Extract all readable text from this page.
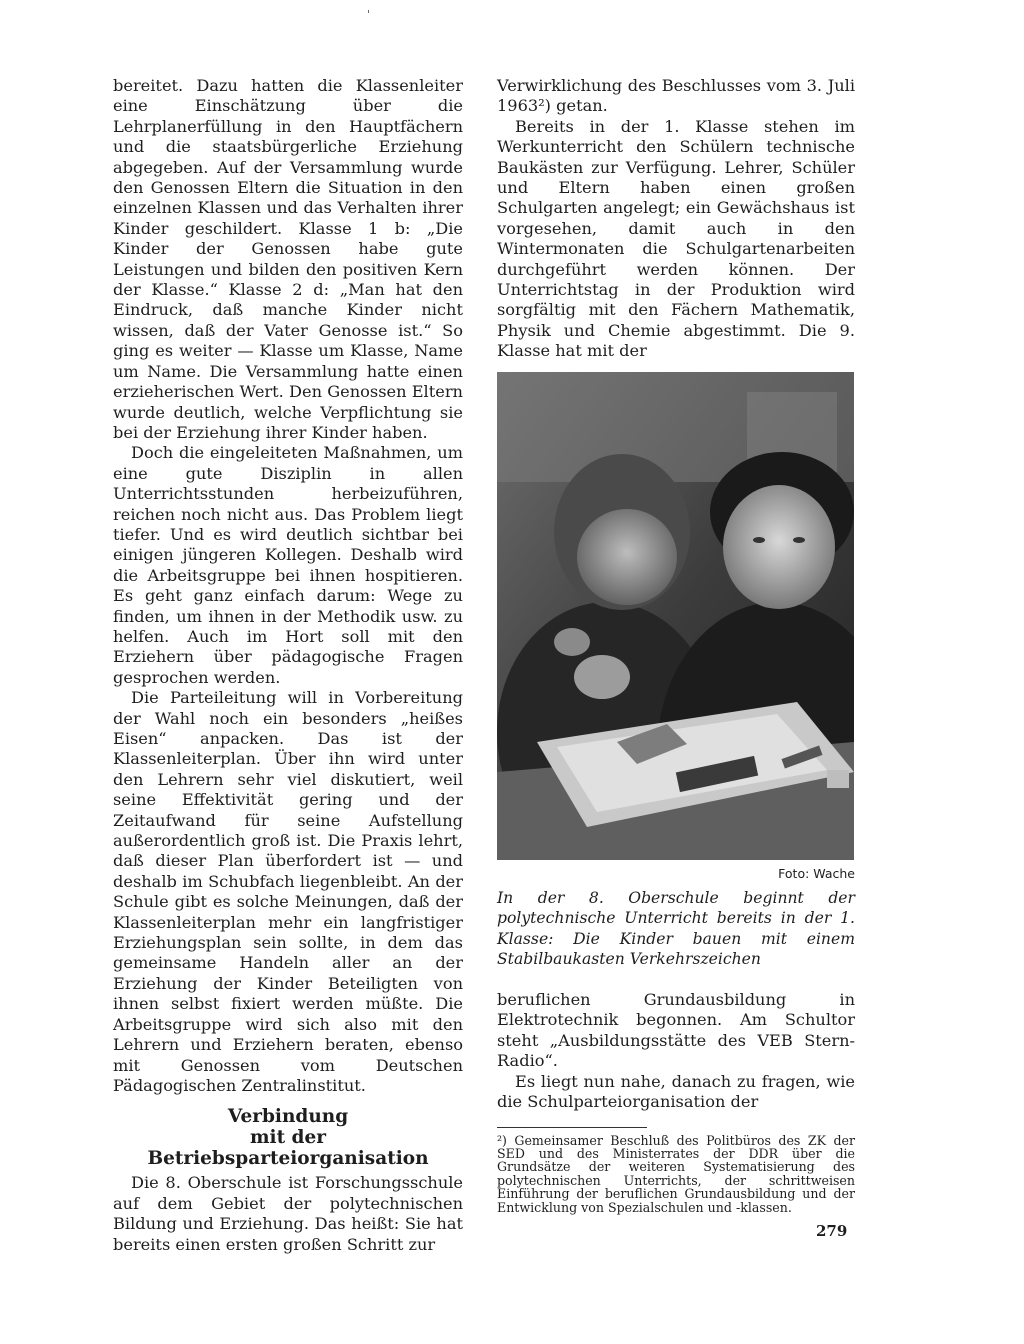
'

bereitet. Dazu hatten die Klassenleiter eine Einschätzung über die Lehrplanerfüllung in den Hauptfächern und die staatsbürgerliche Erziehung abgegeben. Auf der Versammlung wurde den Genossen Eltern die Situation in den einzelnen Klassen und das Verhalten ihrer Kinder geschildert. Klasse 1 b: „Die Kinder der Genossen habe gute Leistungen und bilden den positiven Kern der Klasse.“ Klasse 2 d: „Man hat den Eindruck, daß manche Kinder nicht wissen, daß der Vater Genosse ist.“ So ging es weiter — Klasse um Klasse, Name um Name. Die Versammlung hatte einen erzieherischen Wert. Den Genossen Eltern wurde deutlich, welche Verpflichtung sie bei der Erziehung ihrer Kinder haben.

Doch die eingeleiteten Maßnahmen, um eine gute Disziplin in allen Unterrichtsstunden herbeizuführen, reichen noch nicht aus. Das Problem liegt tiefer. Und es wird deutlich sichtbar bei einigen jüngeren Kollegen. Deshalb wird die Arbeitsgruppe bei ihnen hospitieren. Es geht ganz einfach darum: Wege zu finden, um ihnen in der Methodik usw. zu helfen. Auch im Hort soll mit den Erziehern über pädagogische Fragen gesprochen werden.

Die Parteileitung will in Vorbereitung der Wahl noch ein besonders „heißes Eisen“ anpacken. Das ist der Klassenleiterplan. Über ihn wird unter den Lehrern sehr viel diskutiert, weil seine Effektivität gering und der Zeitaufwand für seine Aufstellung außerordentlich groß ist. Die Praxis lehrt, daß dieser Plan überfordert ist — und deshalb im Schubfach liegenbleibt. An der Schule gibt es solche Meinungen, daß der Klassenleiterplan mehr ein langfristiger Erziehungsplan sein sollte, in dem das gemeinsame Handeln aller an der Erziehung der Kinder Beteiligten von ihnen selbst fixiert werden müßte. Die Arbeitsgruppe wird sich also mit den Lehrern und Erziehern beraten, ebenso mit Genossen vom Deutschen Pädagogischen Zentralinstitut.

Verbindung
mit der Betriebsparteiorganisation

Die 8. Oberschule ist Forschungsschule auf dem Gebiet der polytechnischen Bildung und Erziehung. Das heißt: Sie hat bereits einen ersten großen Schritt zur

Verwirklichung des Beschlusses vom 3. Juli 1963²) getan.

Bereits in der 1. Klasse stehen im Werkunterricht den Schülern technische Baukästen zur Verfügung. Lehrer, Schüler und Eltern haben einen großen Schulgarten angelegt; ein Gewächshaus ist vorgesehen, damit auch in den Wintermonaten die Schulgartenarbeiten durchgeführt werden können. Der Unterrichtstag in der Produktion wird sorgfältig mit den Fächern Mathematik, Physik und Chemie abgestimmt. Die 9. Klasse hat mit der

Foto: Wache

In der 8. Oberschule beginnt der polytechnische Unterricht bereits in der 1. Klasse: Die Kinder bauen mit einem Stabilbaukasten Verkehrszeichen

beruflichen Grundausbildung in Elektrotechnik begonnen. Am Schultor steht „Ausbildungsstätte des VEB Stern-Radio“.

Es liegt nun nahe, danach zu fragen, wie die Schulparteiorganisation der

²) Gemeinsamer Beschluß des Politbüros des ZK der SED und des Ministerrates der DDR über die Grundsätze der weiteren Systematisierung des polytechnischen Unterrichts, der schrittweisen Einführung der beruflichen Grundausbildung und der Entwicklung von Spezialschulen und -klassen.

279
